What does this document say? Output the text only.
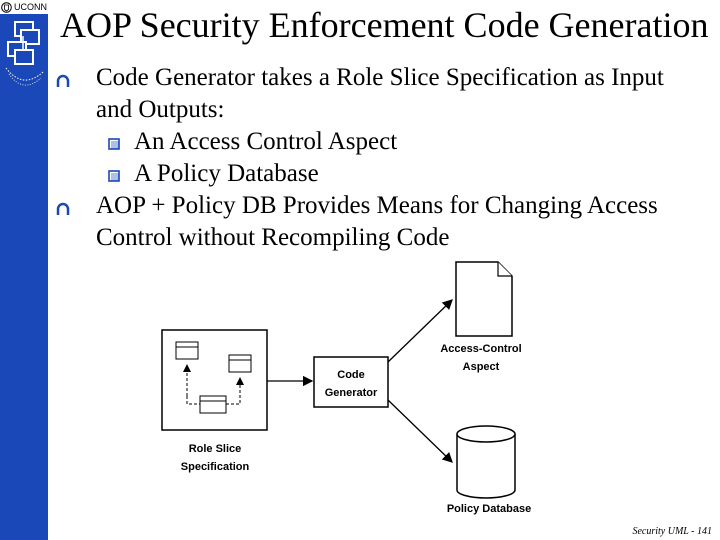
UCONN AOP Security Enforcement Code Generation
Code Generator takes a Role Slice Specification as Input and Outputs:
An Access Control Aspect
A Policy Database
AOP + Policy DB Provides Means for Changing Access Control without Recompiling Code
Code Generator
Role Slice Specification
Access-Control Aspect
Policy Database
Security UML - 141
